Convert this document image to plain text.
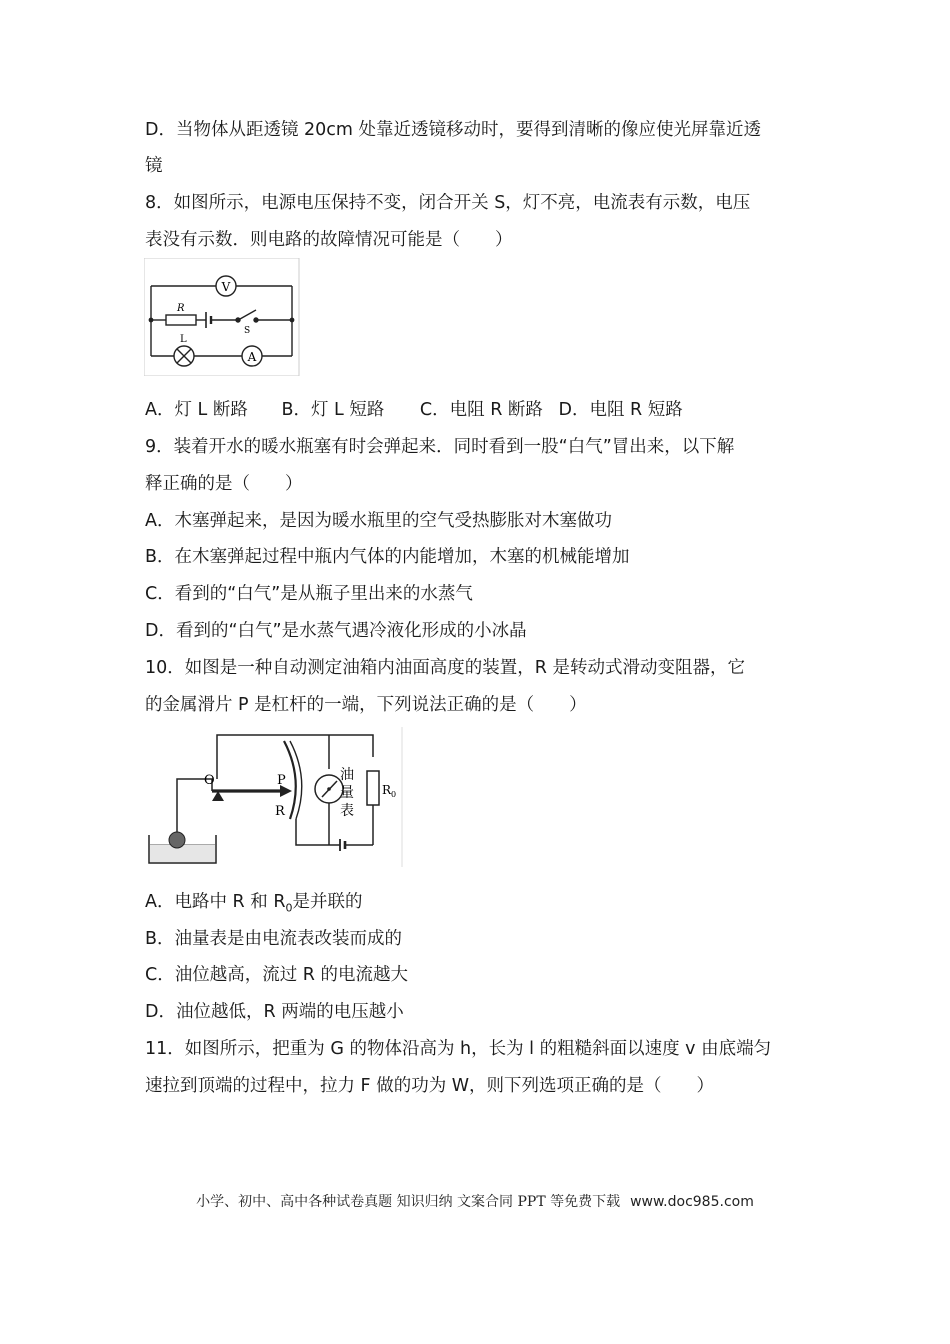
D．当物体从距透镜 20cm 处靠近透镜移动时，要得到清晰的像应使光屏靠近透
镜
8．如图所示，电源电压保持不变，闭合开关 S，灯不亮，电流表有示数，电压
表没有示数．则电路的故障情况可能是（　　）
V
A
R
L
S
A．灯 L 断路 B．灯 L 短路 C．电阻 R 断路 D．电阻 R 短路
9．装着开水的暖水瓶塞有时会弹起来．同时看到一股“白气”冒出来，以下解
释正确的是（　　）
A．木塞弹起来，是因为暖水瓶里的空气受热膨胀对木塞做功
B．在木塞弹起过程中瓶内气体的内能增加，木塞的机械能增加
C．看到的“白气”是从瓶子里出来的水蒸气
D．看到的“白气”是水蒸气遇冷液化形成的小冰晶
10．如图是一种自动测定油箱内油面高度的装置，R 是转动式滑动变阻器，它
的金属滑片 P 是杠杆的一端，下列说法正确的是（　　）
O	P
R
油
量
表
$R_0$
A．电路中 R 和 $R_0$是并联的
B．油量表是由电流表改装而成的
C．油位越高，流过 R 的电流越大
D．油位越低，R 两端的电压越小
11．如图所示，把重为 G 的物体沿高为 h，长为 l 的粗糙斜面以速度 v 由底端匀
速拉到顶端的过程中，拉力 F 做的功为 W，则下列选项正确的是（　　）
小学、初中、高中各种试卷真题 知识归纳 文案合同 PPT 等免费下载 www.doc985.com
